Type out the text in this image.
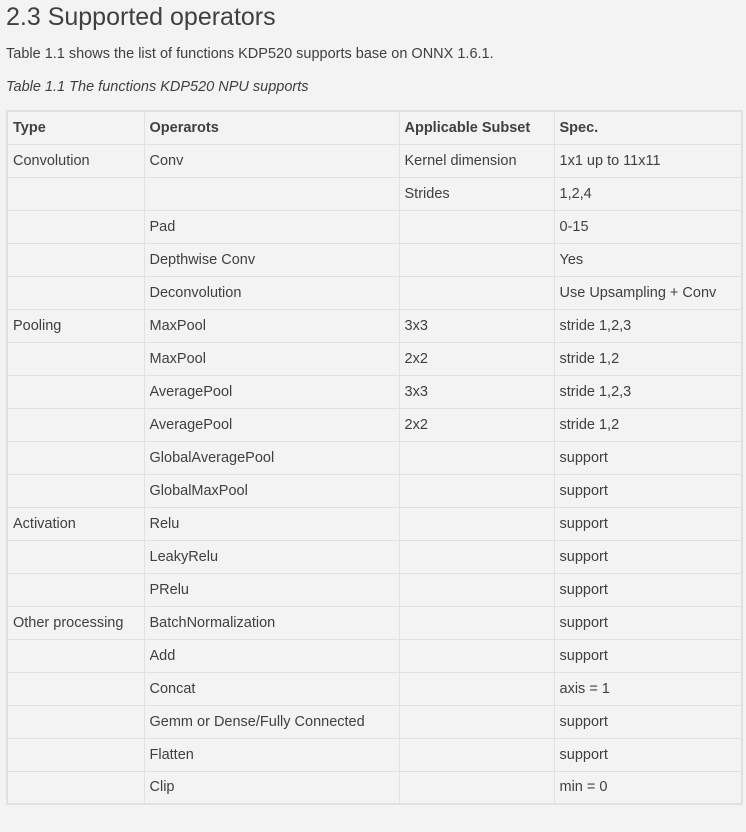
2.3 Supported operators

Table 1.1 shows the list of functions KDP520 supports base on ONNX 1.6.1.

Table 1.1 The functions KDP520 NPU supports

Type	Operarots	Applicable Subset	Spec.
Convolution	Conv	Kernel dimension	1x1 up to 11x11
		Strides	1,2,4
	Pad		0-15
	Depthwise Conv		Yes
	Deconvolution		Use Upsampling + Conv
Pooling	MaxPool	3x3	stride 1,2,3
	MaxPool	2x2	stride 1,2
	AveragePool	3x3	stride 1,2,3
	AveragePool	2x2	stride 1,2
	GlobalAveragePool		support
	GlobalMaxPool		support
Activation	Relu		support
	LeakyRelu		support
	PRelu		support
Other processing	BatchNormalization		support
	Add		support
	Concat		axis = 1
	Gemm or Dense/Fully Connected		support
	Flatten		support
	Clip		min = 0
